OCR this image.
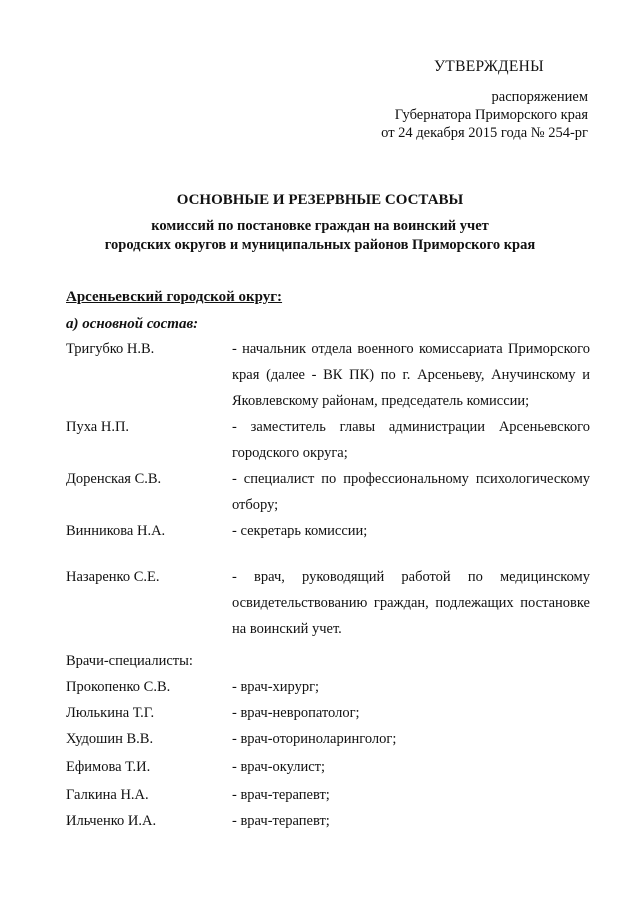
УТВЕРЖДЕНЫ
распоряжением
Губернатора Приморского края
от 24 декабря 2015 года № 254-рг
ОСНОВНЫЕ И РЕЗЕРВНЫЕ СОСТАВЫ
комиссий по постановке граждан на воинский учет
городских округов и муниципальных районов Приморского края
Арсеньевский городской округ:
а) основной состав:
Тригубко Н.В.	- начальник отдела военного комиссариата Приморского края (далее - ВК ПК) по г. Арсеньеву, Анучинскому и Яковлевскому районам, председатель комиссии;
Пуха Н.П.	- заместитель главы администрации Арсеньевского городского округа;
Доренская С.В.	- специалист по профессиональному психологическому отбору;
Винникова Н.А.	- секретарь комиссии;
Назаренко С.Е.	- врач, руководящий работой по медицинскому освидетельствованию граждан, подлежащих постановке на воинский учет.
Врачи-специалисты:
Прокопенко С.В.	- врач-хирург;
Люлькина Т.Г.	- врач-невропатолог;
Худошин В.В.	- врач-оториноларинголог;
Ефимова Т.И.	- врач-окулист;
Галкина Н.А.	- врач-терапевт;
Ильченко И.А.	- врач-терапевт;
